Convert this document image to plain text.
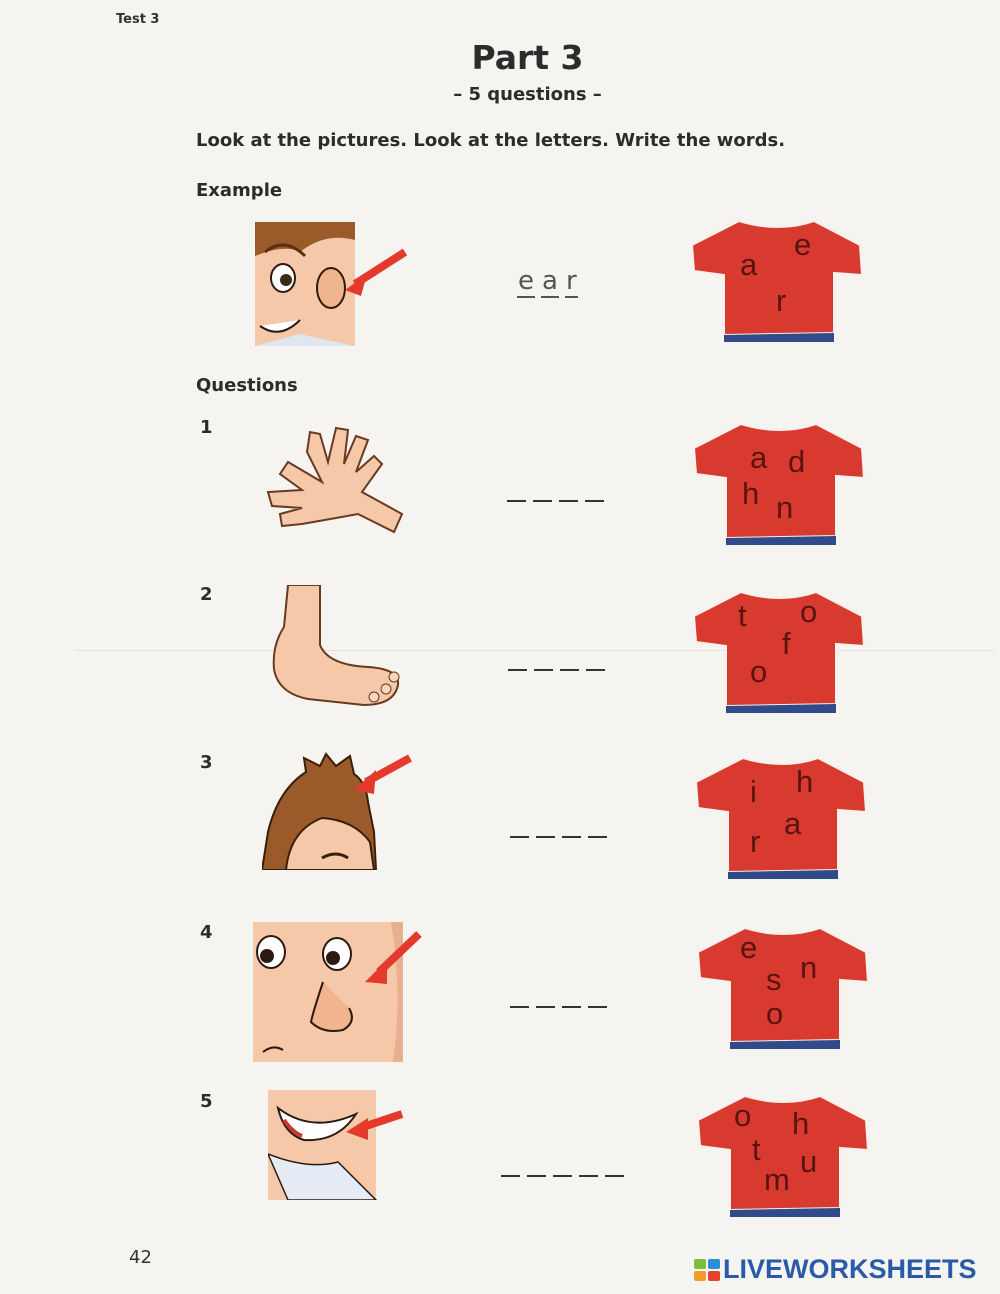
Test 3
Part 3
– 5 questions –
Look at the pictures. Look at the letters. Write the words.
Example
Questions
e a r	a
e
r
1
a d
h n
2
t o
f
o
3
i h
a
r
4	e
n
s
o
5	o h
t u
m
42	LIVEWORKSHEETS
